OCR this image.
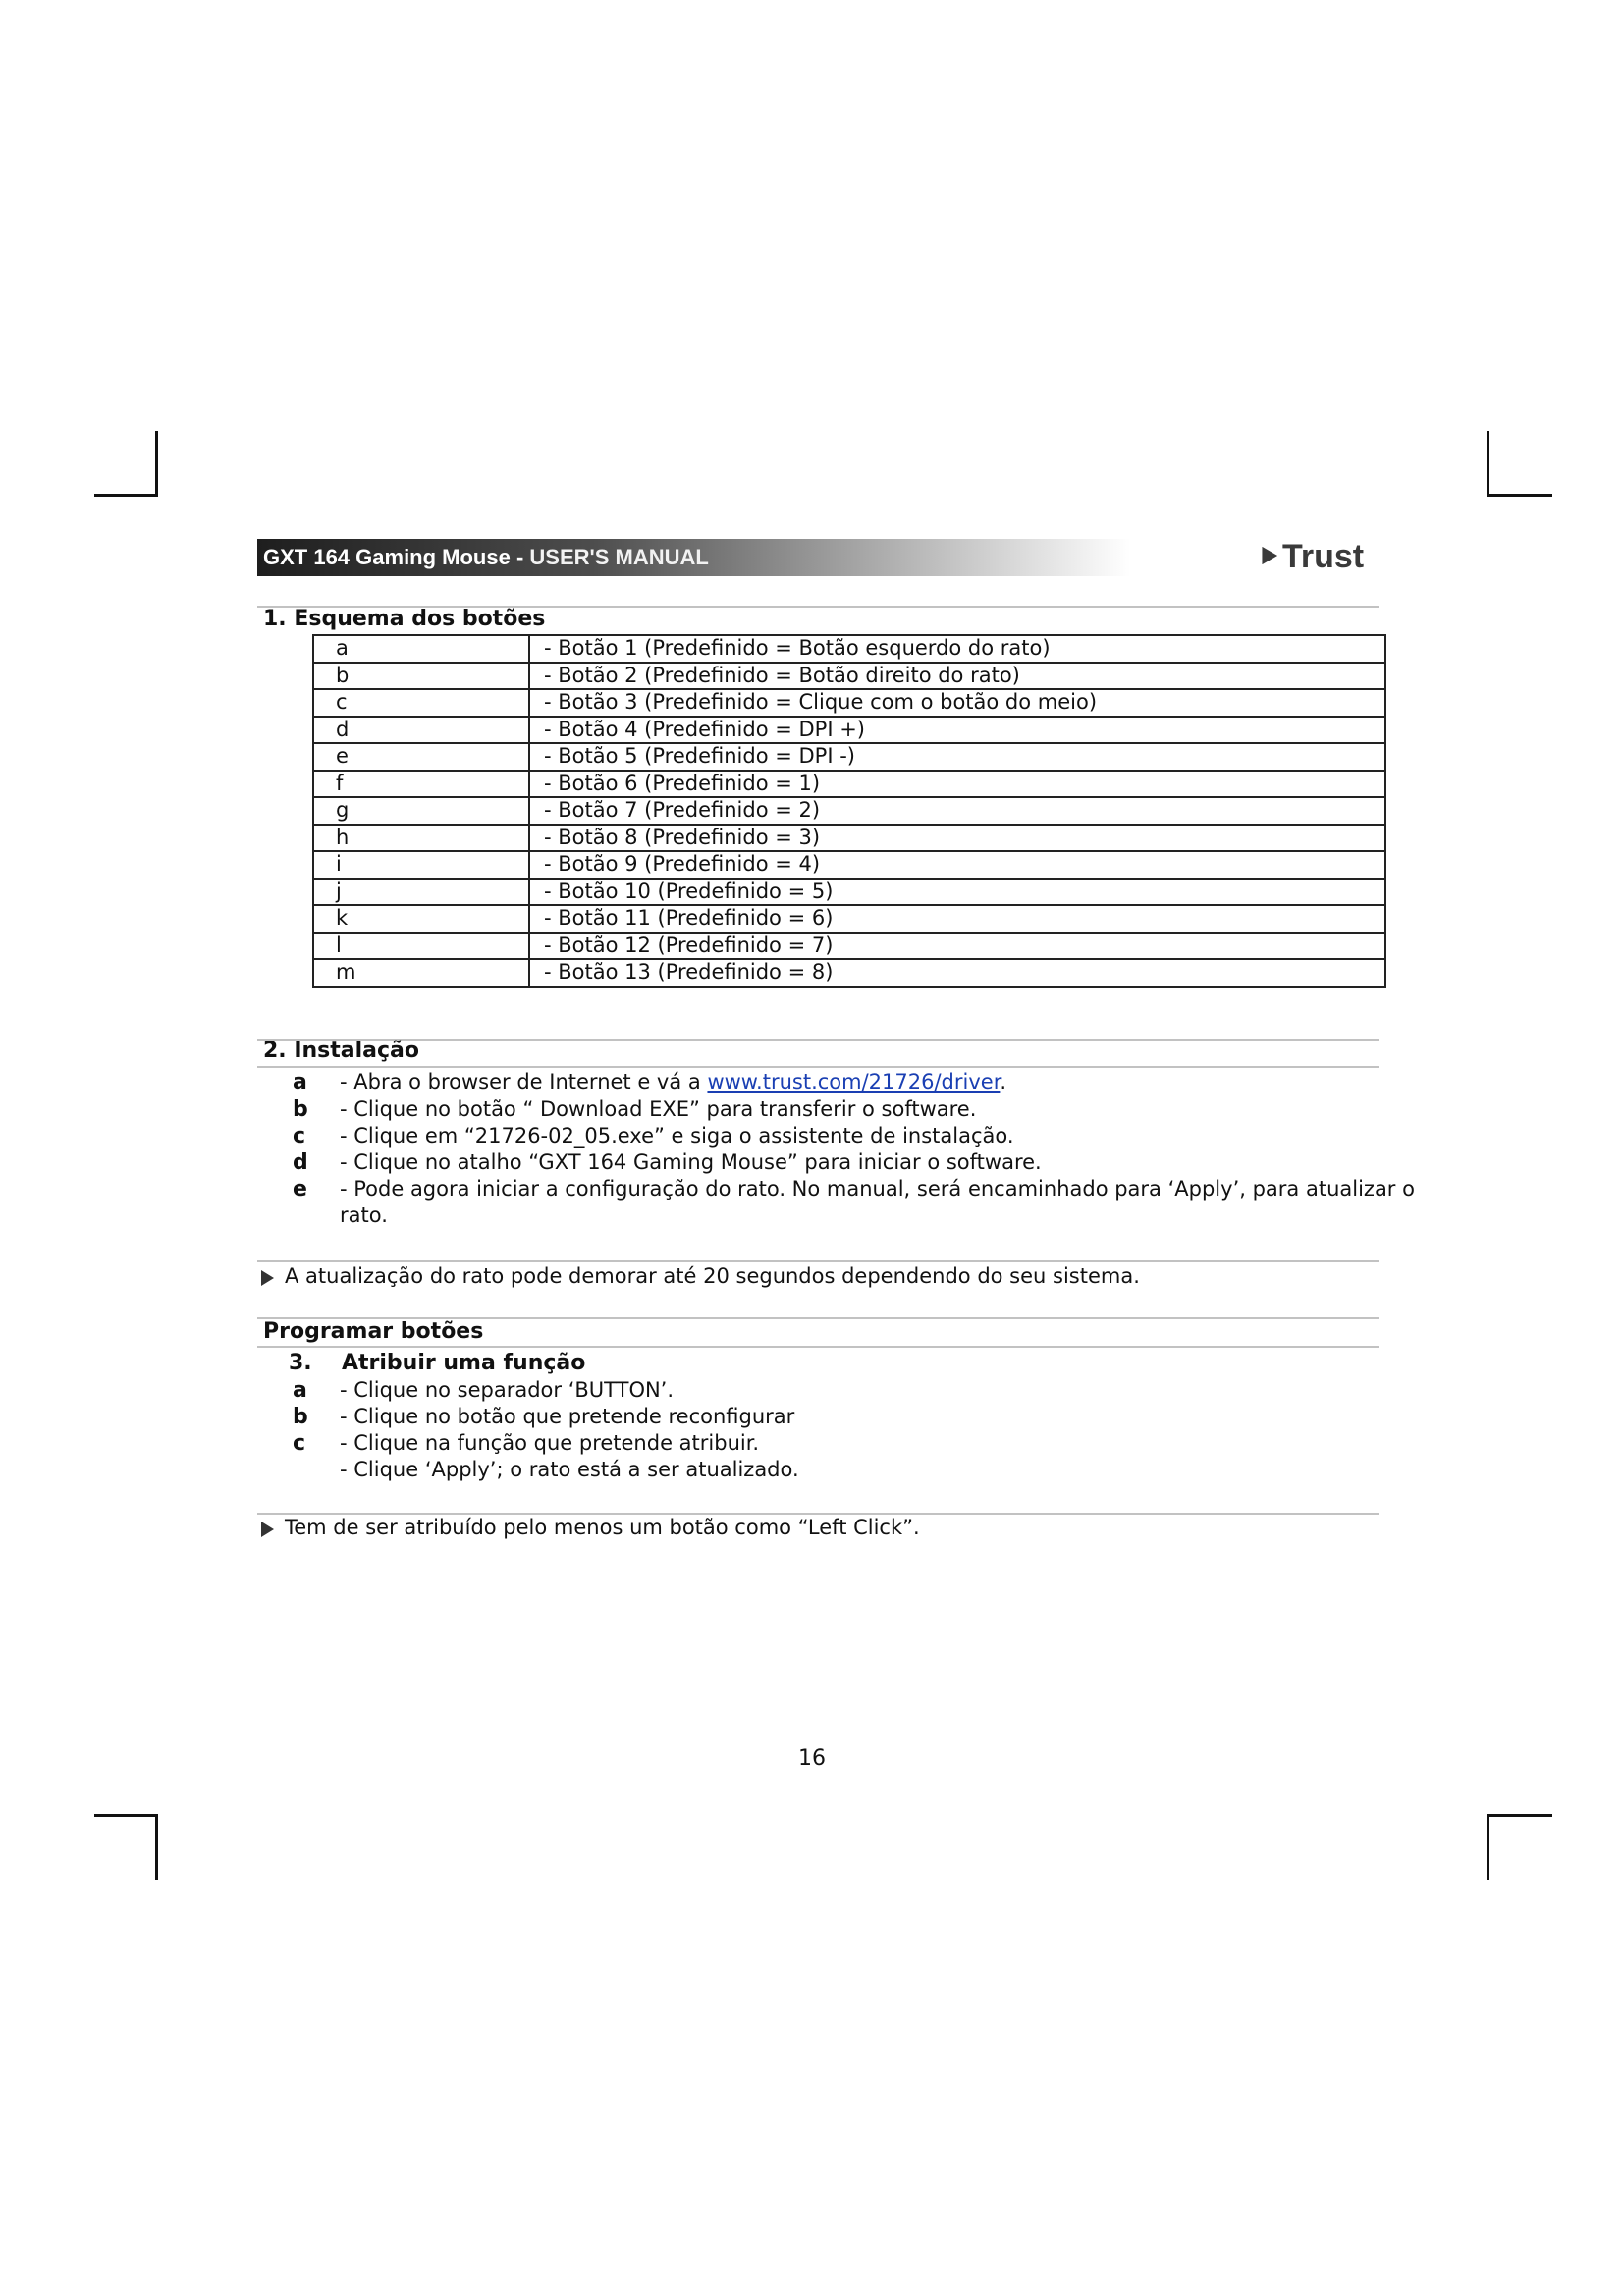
GXT 164 Gaming Mouse - USER'S MANUAL	⯈Trust
1. Esquema dos botões
a	- Botão 1 (Predefinido = Botão esquerdo do rato)
b	- Botão 2 (Predefinido = Botão direito do rato)
c	- Botão 3 (Predefinido = Clique com o botão do meio)
d	- Botão 4 (Predefinido = DPI +)
e	- Botão 5 (Predefinido = DPI -)
f	- Botão 6 (Predefinido = 1)
g	- Botão 7 (Predefinido = 2)
h	- Botão 8 (Predefinido = 3)
i	- Botão 9 (Predefinido = 4)
j	- Botão 10 (Predefinido = 5)
k	- Botão 11 (Predefinido = 6)
l	- Botão 12 (Predefinido = 7)
m	- Botão 13 (Predefinido = 8)
2. Instalação
a - Abra o browser de Internet e vá a www.trust.com/21726/driver.
b - Clique no botão “ Download EXE” para transferir o software.
c - Clique em “21726-02_05.exe” e siga o assistente de instalação.
d - Clique no atalho “GXT 164 Gaming Mouse” para iniciar o software.
e - Pode agora iniciar a configuração do rato. No manual, será encaminhado para ‘Apply’, para atualizar o
rato.
A atualização do rato pode demorar até 20 segundos dependendo do seu sistema.
Programar botões
3. Atribuir uma função
a - Clique no separador ‘BUTTON’.
b - Clique no botão que pretende reconfigurar
c - Clique na função que pretende atribuir.
- Clique ‘Apply’; o rato está a ser atualizado.
Tem de ser atribuído pelo menos um botão como “Left Click”.
16
